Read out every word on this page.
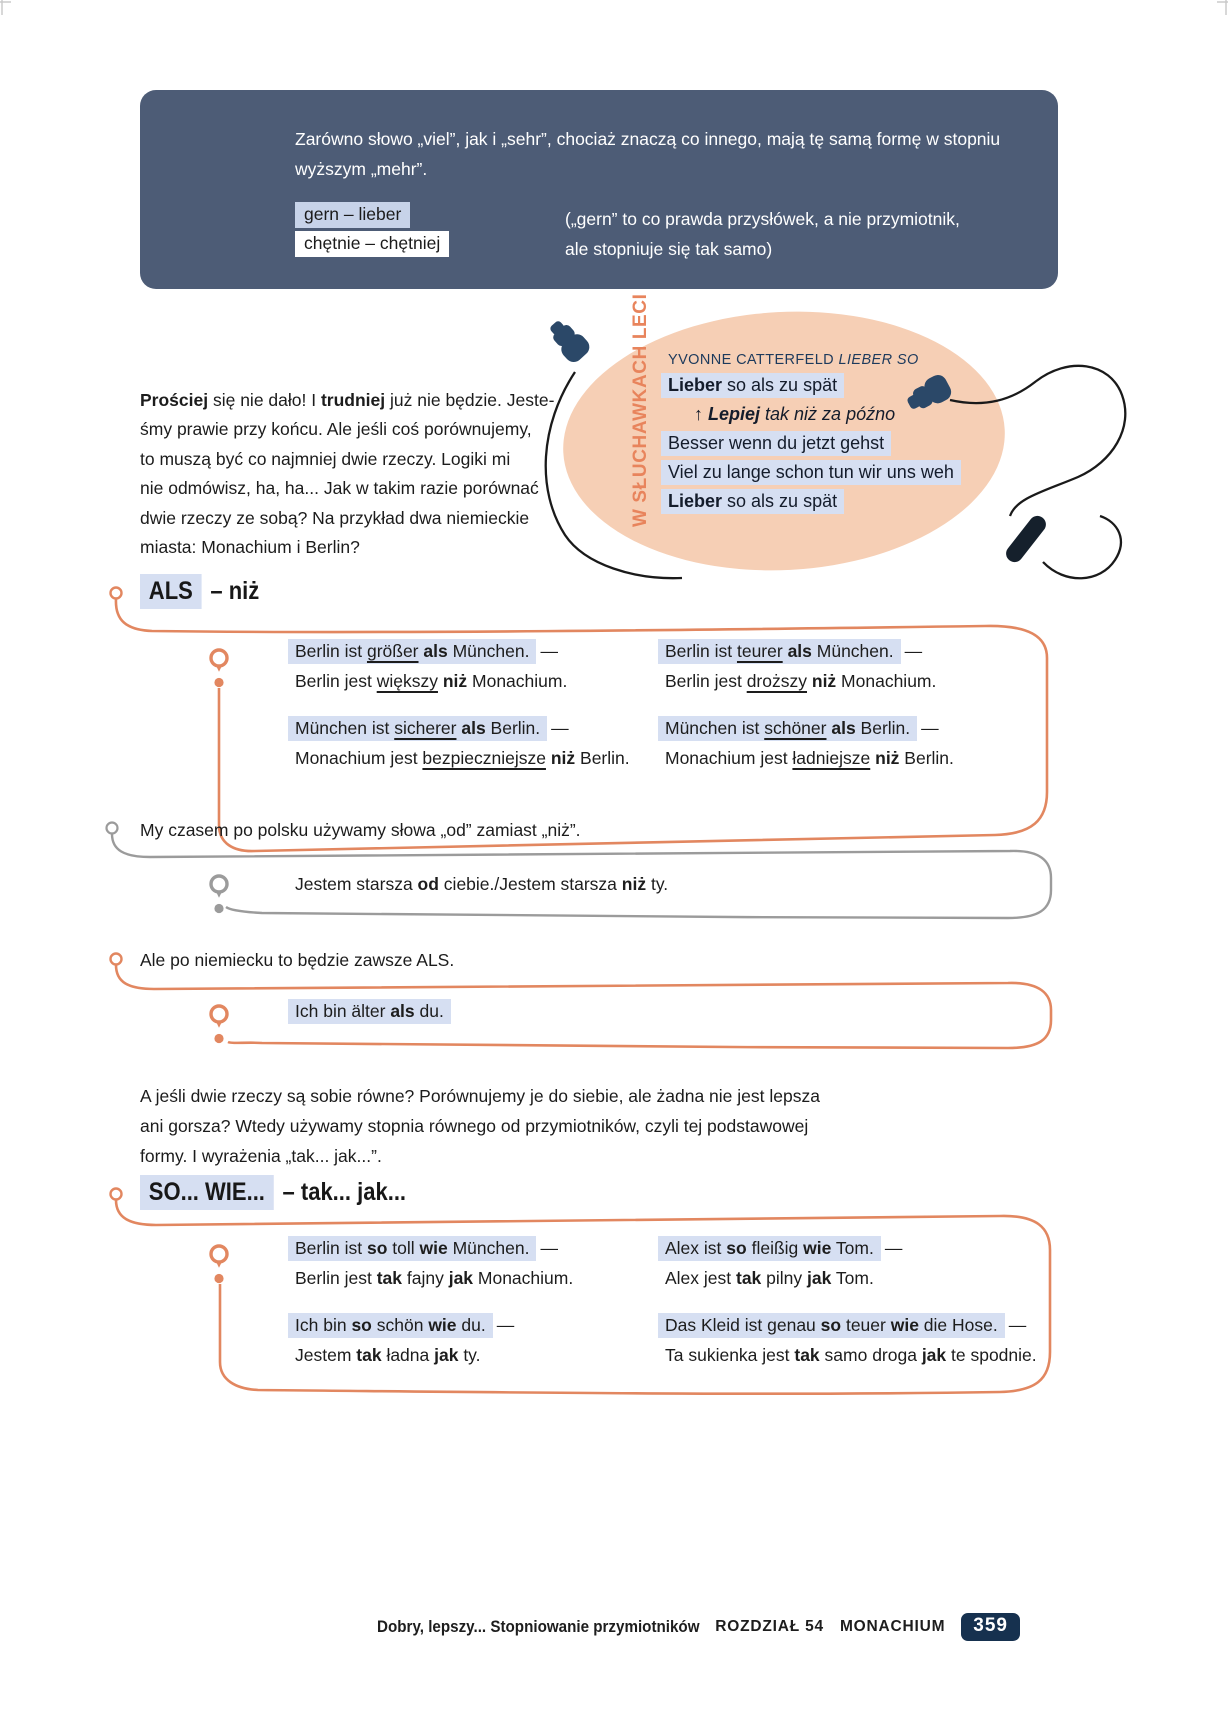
Zarówno słowo „viel”, jak i „sehr”, chociaż znaczą co innego, mają tę samą formę w stopniu
wyższym „mehr”.
gern – lieber
chętnie – chętniej
(„gern” to co prawda przysłówek, a nie przymiotnik,
ale stopniuje się tak samo)
W SŁUCHAWKACH LECI YVONNE CATTERFELD LIEBER SO
Lieber so als zu spät
↑ Lepiej tak niż za późno
Besser wenn du jetzt gehst
Viel zu lange schon tun wir uns weh
Lieber so als zu spät
Prościej się nie dało! I trudniej już nie będzie. Jeste-
śmy prawie przy końcu. Ale jeśli coś porównujemy,
to muszą być co najmniej dwie rzeczy. Logiki mi
nie odmówisz, ha, ha... Jak w takim razie porównać
dwie rzeczy ze sobą? Na przykład dwa niemieckie
miasta: Monachium i Berlin?
ALS – niż
Berlin ist größer als München. —
Berlin jest większy niż Monachium.
Berlin ist teurer als München. —
Berlin jest droższy niż Monachium.
München ist sicherer als Berlin. —
Monachium jest bezpieczniejsze niż Berlin.
München ist schöner als Berlin. —
Monachium jest ładniejsze niż Berlin.
My czasem po polsku używamy słowa „od” zamiast „niż”.
Jestem starsza od ciebie./Jestem starsza niż ty.
Ale po niemiecku to będzie zawsze ALS.
Ich bin älter als du.
A jeśli dwie rzeczy są sobie równe? Porównujemy je do siebie, ale żadna nie jest lepsza
ani gorsza? Wtedy używamy stopnia równego od przymiotników, czyli tej podstawowej
formy. I wyrażenia „tak... jak...”.
SO... WIE... – tak... jak...
Berlin ist so toll wie München. —
Berlin jest tak fajny jak Monachium.
Alex ist so fleißig wie Tom. —
Alex jest tak pilny jak Tom.
Ich bin so schön wie du. —
Jestem tak ładna jak ty.
Das Kleid ist genau so teuer wie die Hose. —
Ta sukienka jest tak samo droga jak te spodnie.
Dobry, lepszy... Stopniowanie przymiotników ROZDZIAŁ 54 MONACHIUM	359
